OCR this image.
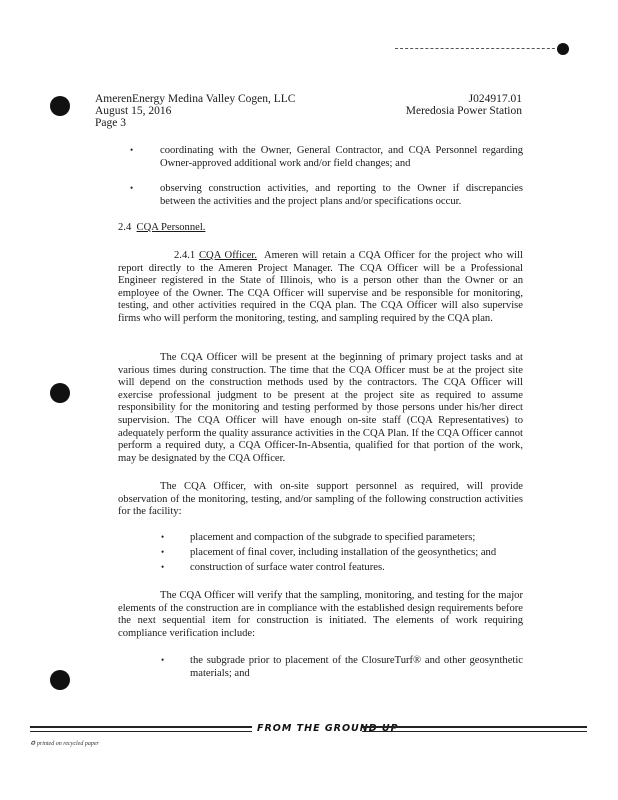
AmerenEnergy Medina Valley Cogen, LLC
August 15, 2016
Page 3
J024917.01
Meredosia Power Station
•	coordinating with the Owner, General Contractor, and CQA Personnel regarding Owner-approved additional work and/or field changes; and
•	observing construction activities, and reporting to the Owner if discrepancies between the activities and the project plans and/or specifications occur.
2.4 CQA Personnel.
2.4.1 CQA Officer. Ameren will retain a CQA Officer for the project who will report directly to the Ameren Project Manager. The CQA Officer will be a Professional Engineer registered in the State of Illinois, who is a person other than the Owner or an employee of the Owner. The CQA Officer will supervise and be responsible for monitoring, testing, and other activities required in the CQA plan. The CQA Officer will also supervise firms who will perform the monitoring, testing, and sampling required by the CQA plan.
The CQA Officer will be present at the beginning of primary project tasks and at various times during construction. The time that the CQA Officer must be at the project site will depend on the construction methods used by the contractors. The CQA Officer will exercise professional judgment to be present at the project site as required to assume responsibility for the monitoring and testing performed by those persons under his/her direct supervision. The CQA Officer will have enough on-site staff (CQA Representatives) to adequately perform the quality assurance activities in the CQA Plan. If the CQA Officer cannot perform a required duty, a CQA Officer-In-Absentia, qualified for that portion of the work, may be designated by the CQA Officer.
The CQA Officer, with on-site support personnel as required, will provide observation of the monitoring, testing, and/or sampling of the following construction activities for the facility:
• placement and compaction of the subgrade to specified parameters;
• placement of final cover, including installation of the geosynthetics; and
• construction of surface water control features.
The CQA Officer will verify that the sampling, monitoring, and testing for the major elements of the construction are in compliance with the established design requirements before the next sequential item for construction is initiated. The elements of work requiring compliance verification include:
• the subgrade prior to placement of the ClosureTurf® and other geosynthetic materials; and
FROM THE GROUND UP
♻ printed on recycled paper
